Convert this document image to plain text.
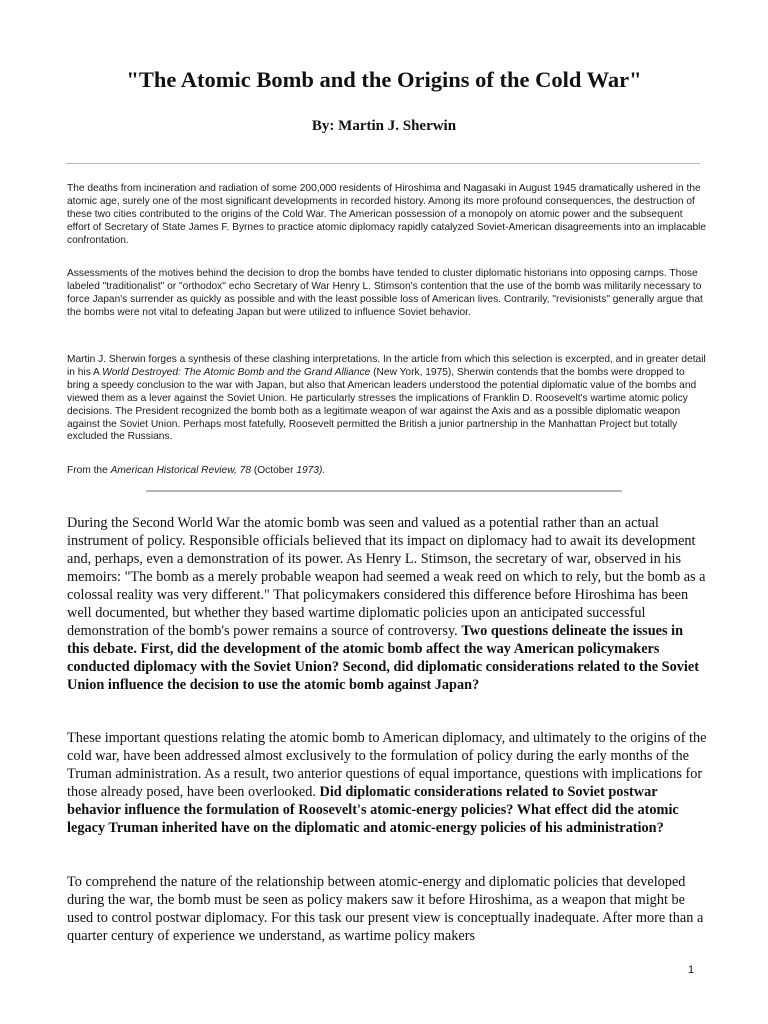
"The Atomic Bomb and the Origins of the Cold War"
By: Martin J. Sherwin

The deaths from incineration and radiation of some 200,000 residents of Hiroshima and Nagasaki in August 1945 dramatically ushered in the atomic age, surely one of the most significant developments in recorded history. Among its more profound consequences, the destruction of these two cities contributed to the origins of the Cold War. The American possession of a monopoly on atomic power and the subsequent effort of Secretary of State James F. Byrnes to practice atomic diplomacy rapidly catalyzed Soviet-American disagreements into an implacable confrontation.

Assessments of the motives behind the decision to drop the bombs have tended to cluster diplomatic historians into opposing camps. Those labeled "traditionalist" or "orthodox" echo Secretary of War Henry L. Stimson's contention that the use of the bomb was militarily necessary to force Japan's surrender as quickly as possible and with the least possible loss of American lives. Contrarily, "revisionists" generally argue that the bombs were not vital to defeating Japan but were utilized to influence Soviet behavior.

Martin J. Sherwin forges a synthesis of these clashing interpretations. In the article from which this selection is excerpted, and in greater detail in his A World Destroyed: The Atomic Bomb and the Grand Alliance (New York, 1975), Sherwin contends that the bombs were dropped to bring a speedy conclusion to the war with Japan, but also that American leaders understood the potential diplomatic value of the bombs and viewed them as a lever against the Soviet Union. He particularly stresses the implications of Franklin D. Roosevelt's wartime atomic policy decisions. The President recognized the bomb both as a legitimate weapon of war against the Axis and as a possible diplomatic weapon against the Soviet Union. Perhaps most fatefully, Roosevelt permitted the British a junior partnership in the Manhattan Project but totally excluded the Russians.

From the American Historical Review, 78 (October 1973).

During the Second World War the atomic bomb was seen and valued as a potential rather than an actual instrument of policy. Responsible officials believed that its impact on diplomacy had to await its development and, perhaps, even a demonstration of its power. As Henry L. Stimson, the secretary of war, observed in his memoirs: "The bomb as a merely probable weapon had seemed a weak reed on which to rely, but the bomb as a colossal reality was very different." That policymakers considered this difference before Hiroshima has been well documented, but whether they based wartime diplomatic policies upon an anticipated successful demonstration of the bomb's power remains a source of controversy. Two questions delineate the issues in this debate. First, did the development of the atomic bomb affect the way American policymakers conducted diplomacy with the Soviet Union? Second, did diplomatic considerations related to the Soviet Union influence the decision to use the atomic bomb against Japan?

These important questions relating the atomic bomb to American diplomacy, and ultimately to the origins of the cold war, have been addressed almost exclusively to the formulation of policy during the early months of the Truman administration. As a result, two anterior questions of equal importance, questions with implications for those already posed, have been overlooked. Did diplomatic considerations related to Soviet postwar behavior influence the formulation of Roosevelt's atomic-energy policies? What effect did the atomic legacy Truman inherited have on the diplomatic and atomic-energy policies of his administration?

To comprehend the nature of the relationship between atomic-energy and diplomatic policies that developed during the war, the bomb must be seen as policy makers saw it before Hiroshima, as a weapon that might be used to control postwar diplomacy. For this task our present view is conceptually inadequate. After more than a quarter century of experience we understand, as wartime policy makers

1
